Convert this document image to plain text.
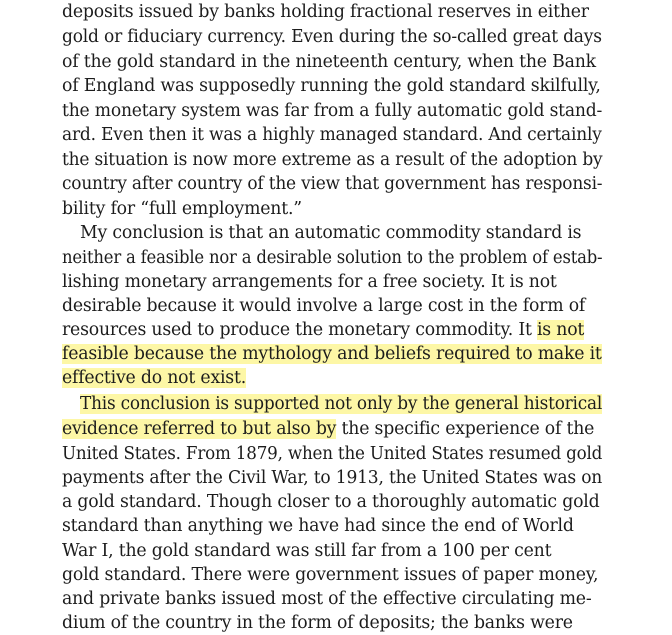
deposits issued by banks holding fractional reserves in either
gold or fiduciary currency. Even during the so-called great days
of the gold standard in the nineteenth century, when the Bank
of England was supposedly running the gold standard skilfully,
the monetary system was far from a fully automatic gold stand-
ard. Even then it was a highly managed standard. And certainly
the situation is now more extreme as a result of the adoption by
country after country of the view that government has responsi-
bility for “full employment.”
My conclusion is that an automatic commodity standard is
neither a feasible nor a desirable solution to the problem of estab-
lishing monetary arrangements for a free society. It is not
desirable because it would involve a large cost in the form of
resources used to produce the monetary commodity. It is not
feasible because the mythology and beliefs required to make it
effective do not exist.
This conclusion is supported not only by the general historical
evidence referred to but also by the specific experience of the
United States. From 1879, when the United States resumed gold
payments after the Civil War, to 1913, the United States was on
a gold standard. Though closer to a thoroughly automatic gold
standard than anything we have had since the end of World
War I, the gold standard was still far from a 100 per cent
gold standard. There were government issues of paper money,
and private banks issued most of the effective circulating me-
dium of the country in the form of deposits; the banks were
